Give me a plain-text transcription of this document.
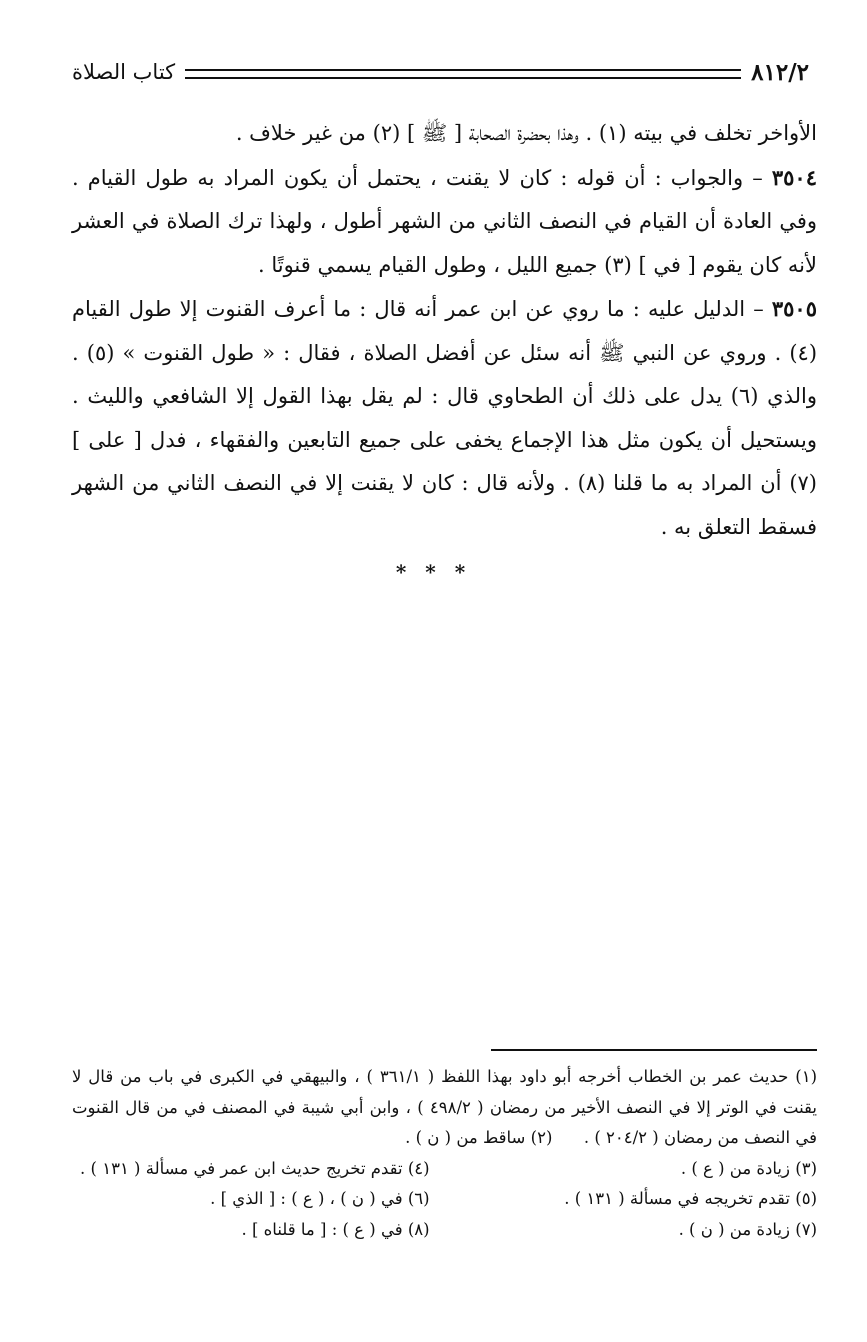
٨١٢/٢
كتاب الصلاة

الأواخر تخلف في بيته (١) . وهذا بحضرة الصحابة [ ﷺ ] (٢) من غير خلاف .

٣٥٠٤ – والجواب : أن قوله : كان لا يقنت ، يحتمل أن يكون المراد به طول القيام . وفي العادة أن القيام في النصف الثاني من الشهر أطول ، ولهذا ترك الصلاة في العشر لأنه كان يقوم [ في ] (٣) جميع الليل ، وطول القيام يسمي قنوتًا .

٣٥٠٥ – الدليل عليه : ما روي عن ابن عمر أنه قال : ما أعرف القنوت إلا طول القيام (٤) . وروي عن النبي ﷺ أنه سئل عن أفضل الصلاة ، فقال : « طول القنوت » (٥) . والذي (٦) يدل على ذلك أن الطحاوي قال : لم يقل بهذا القول إلا الشافعي والليث . ويستحيل أن يكون مثل هذا الإجماع يخفى على جميع التابعين والفقهاء ، فدل [ على ] (٧) أن المراد به ما قلنا (٨) . ولأنه قال : كان لا يقنت إلا في النصف الثاني من الشهر فسقط التعلق به .

* * *

(١) حديث عمر بن الخطاب أخرجه أبو داود بهذا اللفظ ( ٣٦١/١ ) ، والبيهقي في الكبرى في باب من قال لا يقنت في الوتر إلا في النصف الأخير من رمضان ( ٤٩٨/٢ ) ، وابن أبي شيبة في المصنف في من قال القنوت في النصف من رمضان ( ٢٠٤/٢ ) .      (٢) ساقط من ( ن ) .

(٣) زيادة من ( ع ) .
(٤) تقدم تخريج حديث ابن عمر في مسألة ( ١٣١ ) .
(٥) تقدم تخريجه في مسألة ( ١٣١ ) .
(٦) في ( ن ) ، ( ع ) : [ الذي ] .
(٧) زيادة من ( ن ) .
(٨) في ( ع ) : [ ما قلناه ] .
